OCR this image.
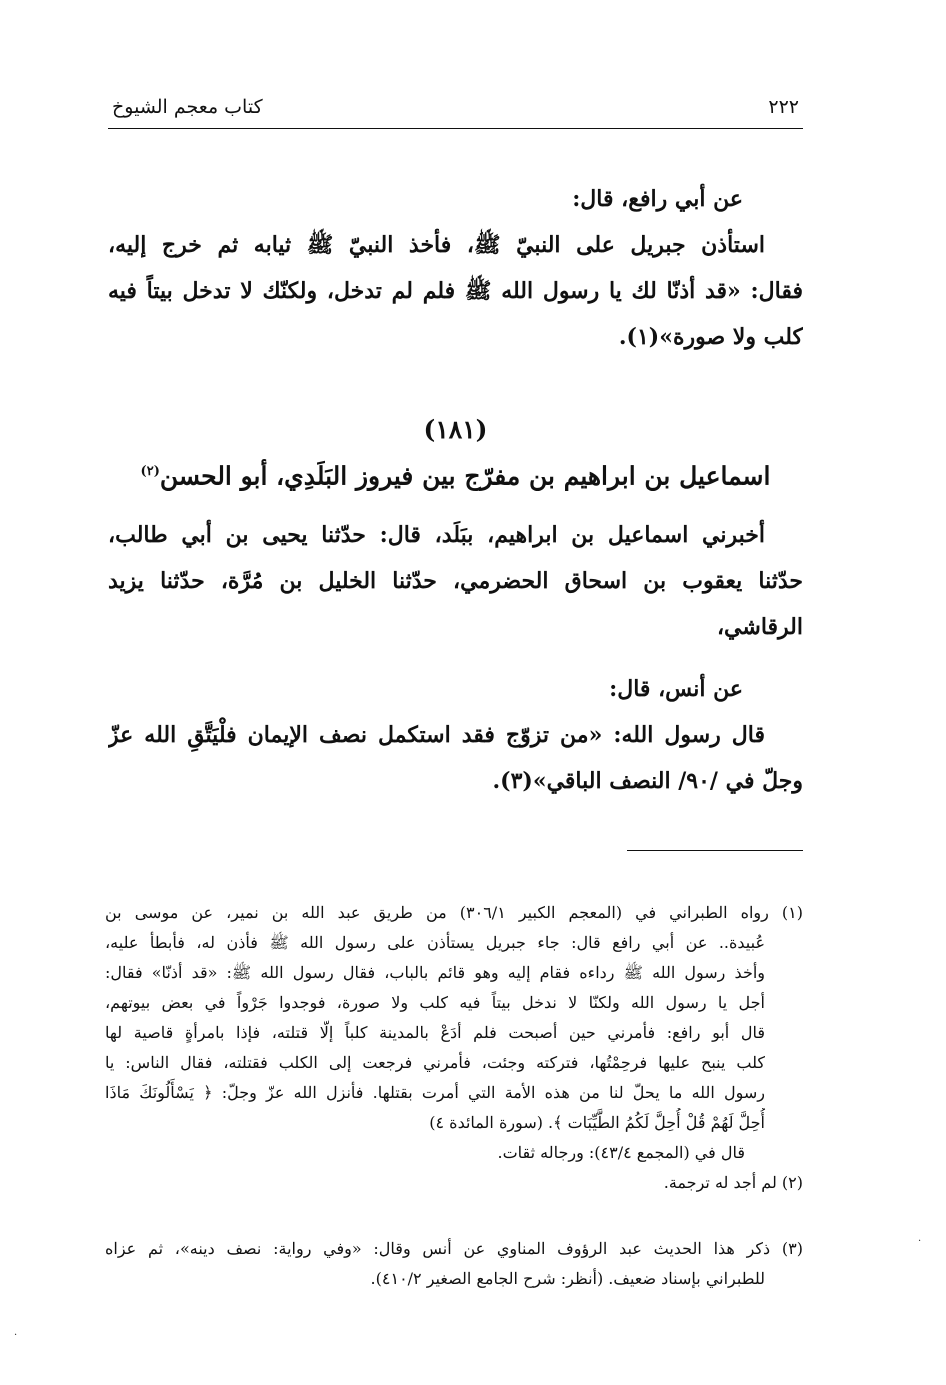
٢٢٢
كتاب معجم الشيوخ
عن أبي رافع، قال:
استأذن جبريل على النبيّ ﷺ، فأخذ النبيّ ﷺ ثيابه ثم خرج إليه،
فقال: «قد أذنّا لك يا رسول الله ﷺ فلم لم تدخل، ولكنّك لا تدخل بيتاً فيه
كلب ولا صورة»(١).
(١٨١)
اسماعيل بن ابراهيم بن مفرّج بين فيروز البَلَدِي، أبو الحسن$^{(٢)}$
أخبرني اسماعيل بن ابراهيم، ببَلَد، قال: حدّثنا يحيى بن أبي طالب،
حدّثنا يعقوب بن اسحاق الحضرمي، حدّثنا الخليل بن مُرَّة، حدّثنا يزيد
الرقاشي،
عن أنس، قال:
قال رسول الله: «من تزوّج فقد استكمل نصف الإيمان فلْيَتَّقِ الله عزّ
وجلّ في /٩٠/ النصف الباقي»(٣).
(١) رواه الطبراني في (المعجم الكبير ٣٠٦/١) من طريق عبد الله بن نمير، عن موسى بن
عُبيدة.. عن أبي رافع قال: جاء جبريل يستأذن على رسول الله ﷺ فأذن له، فأبطأ عليه،
وأخذ رسول الله ﷺ رداءه فقام إليه وهو قائم بالباب، فقال رسول الله ﷺ: «قد أذنّا» فقال:
أجل يا رسول الله ولكنّا لا ندخل بيتاً فيه كلب ولا صورة، فوجدوا جَرْواً في بعض بيوتهم،
قال أبو رافع: فأمرني حين أصبحت فلم أدَعْ بالمدينة كلباً إلّا قتلته، فإذا بامرأةٍ قاصية لها
كلب ينبح عليها فرحِمْتُها، فتركته وجئت، فأمرني فرجعت إلى الكلب فقتلته، فقال الناس: يا
رسول الله ما يحلّ لنا من هذه الأمة التي أمرت بقتلها. فأنزل الله عزّ وجلّ: ﴿ يَسْأَلُونَكَ مَاذَا
أُحِلَّ لَهُمْ قُلْ أُحِلَّ لَكُمُ الطَّيِّبَات ﴾. (سورة المائدة ٤)
قال في (المجمع ٤٣/٤): ورجاله ثقات.
(٢) لم أجد له ترجمة.
(٣) ذكر هذا الحديث عبد الرؤوف المناوي عن أنس وقال: «وفي رواية: نصف دينه»، ثم عزاه
للطبراني بإسناد ضعيف. (أنظر: شرح الجامع الصغير ٤١٠/٢).
·
·
